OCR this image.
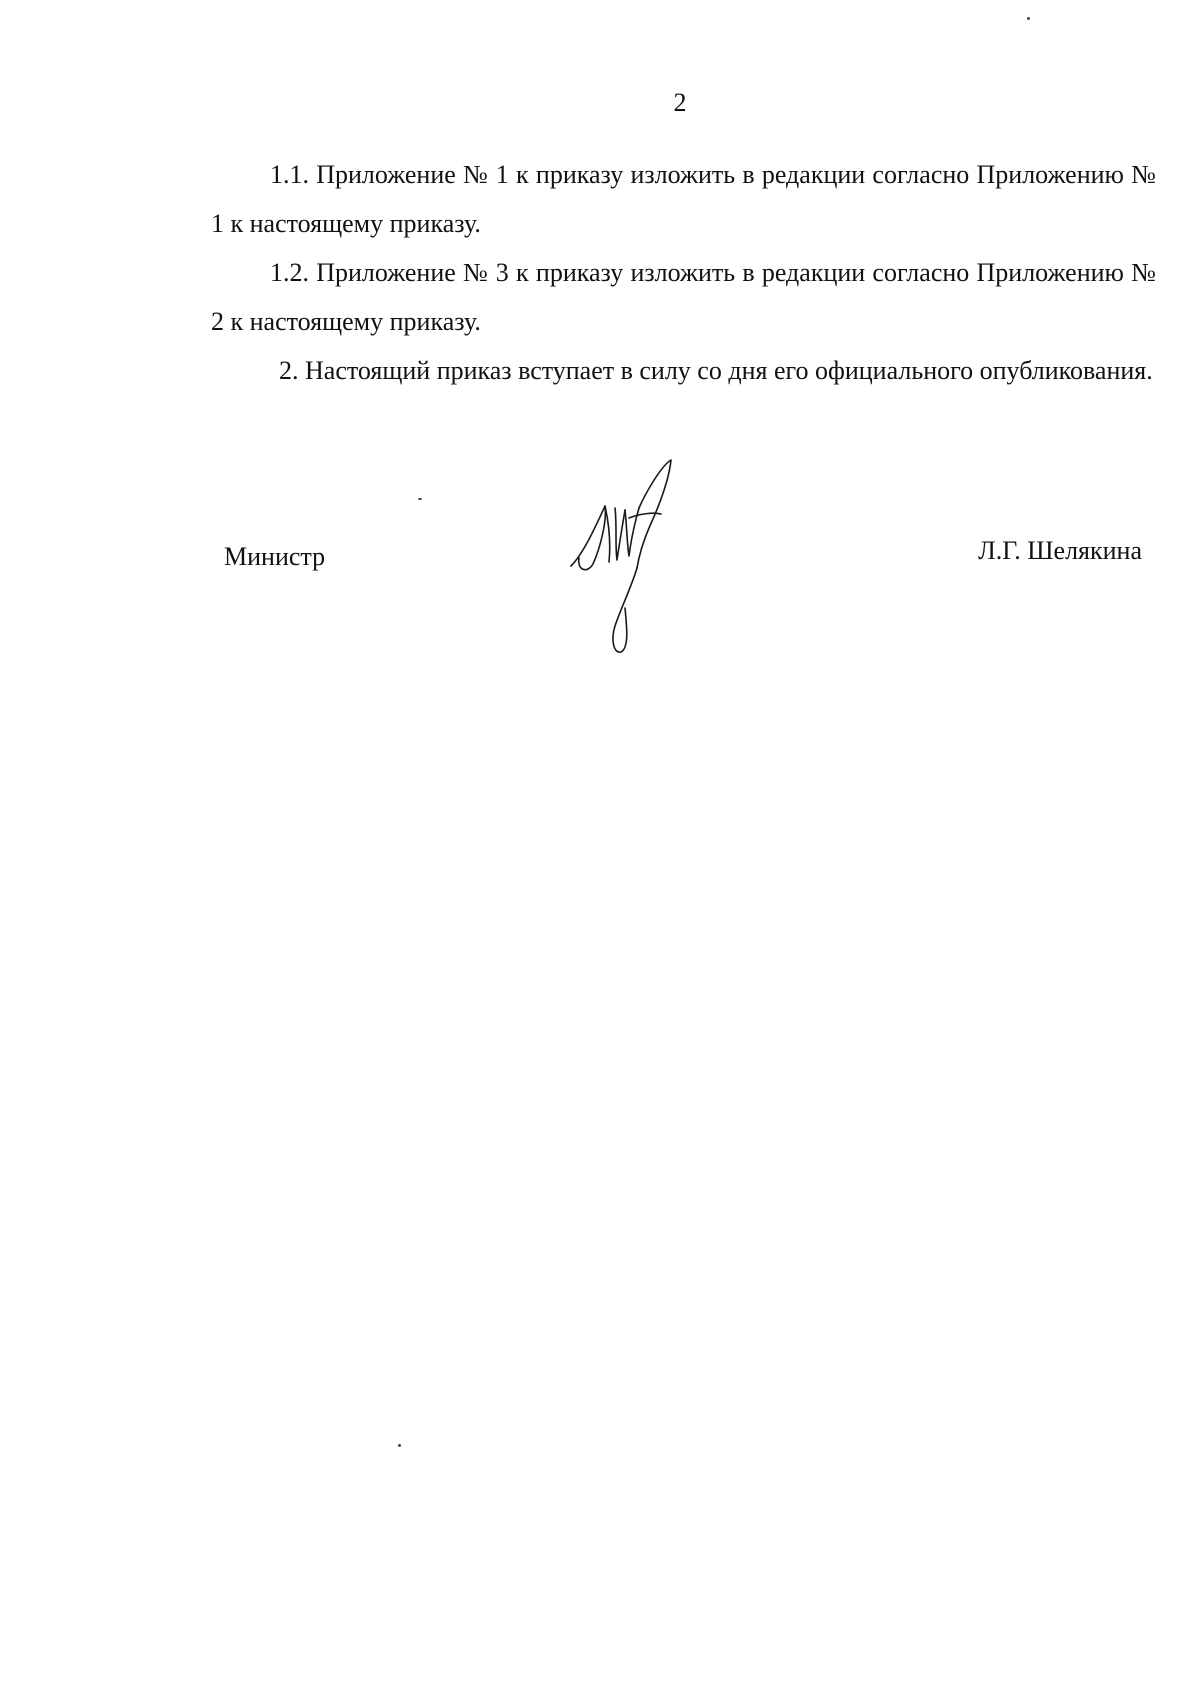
2

1.1. Приложение № 1 к приказу изложить в редакции согласно Приложению № 1 к настоящему приказу.

1.2. Приложение № 3 к приказу изложить в редакции согласно Приложению № 2 к настоящему приказу.

2. Настоящий приказ вступает в силу со дня его официального опубликования.

Министр	Л.Г. Шелякина
